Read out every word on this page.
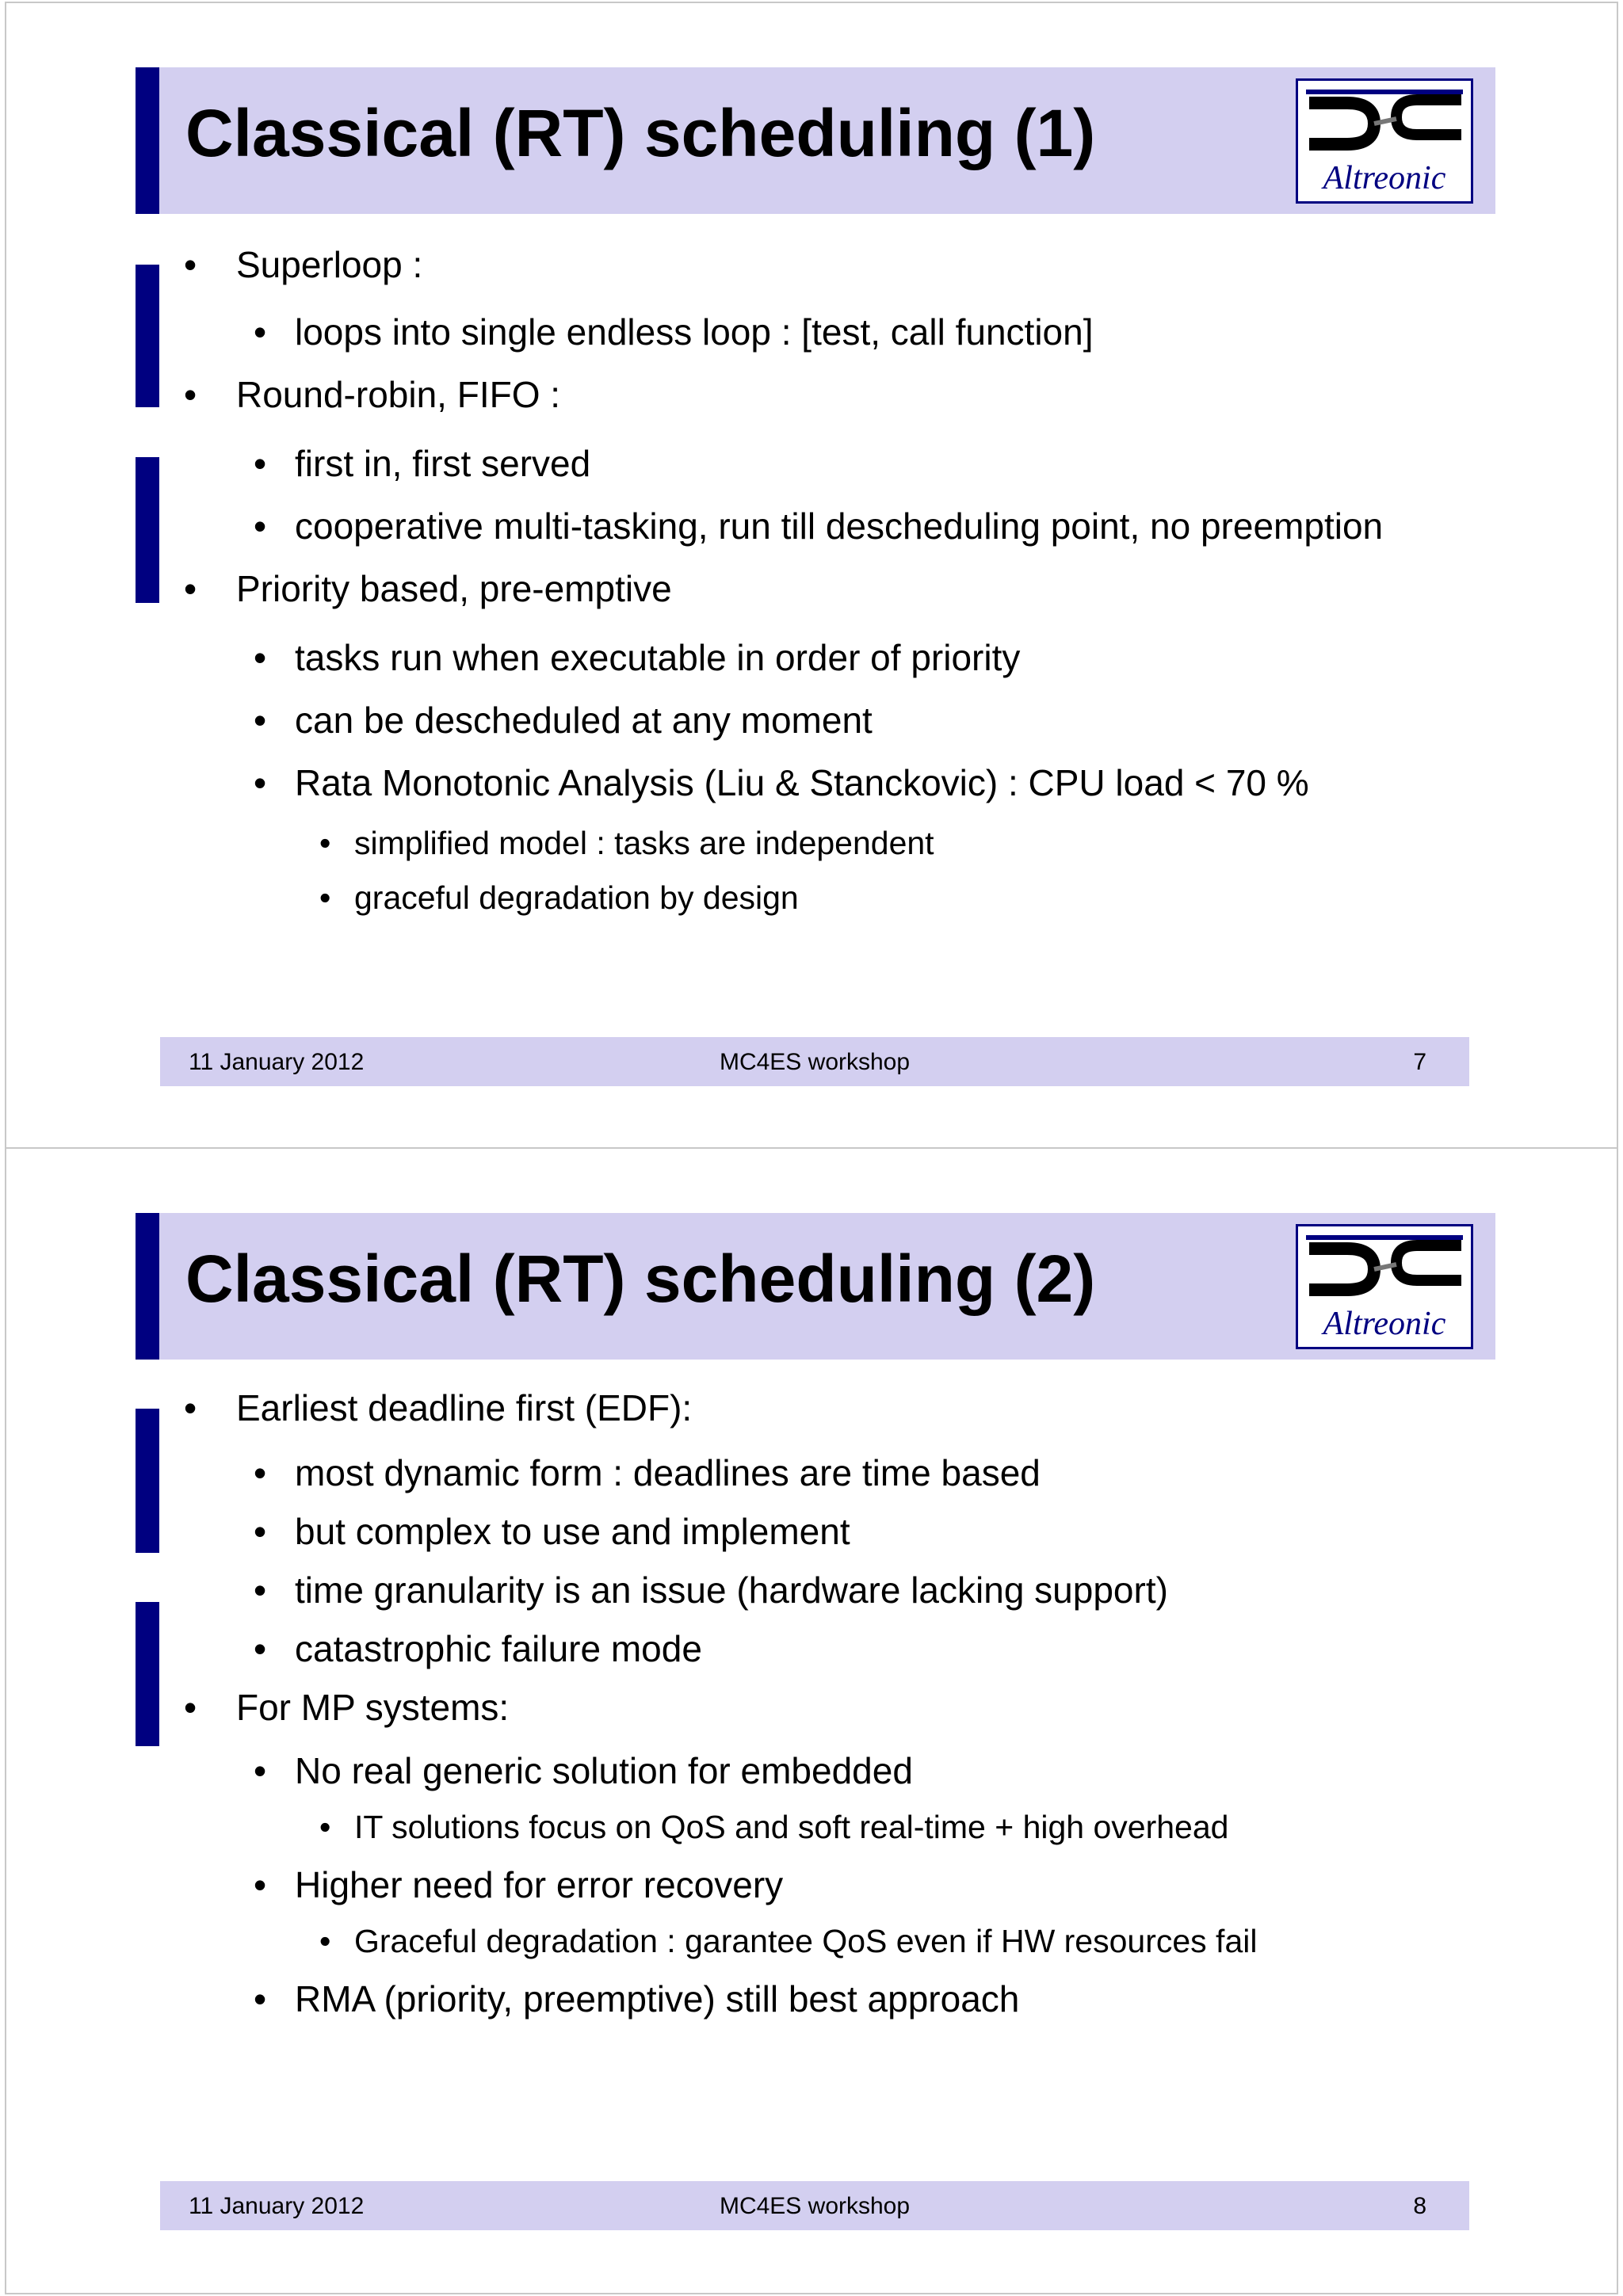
Classical (RT) scheduling (1)
Altreonic
• Superloop :
• loops into single endless loop : [test, call function]
• Round-robin, FIFO :
• first in, first served
• cooperative multi-tasking, run till descheduling point, no preemption
• Priority based, pre-emptive
• tasks run when executable in order of priority
• can be descheduled at any moment
• Rata Monotonic Analysis (Liu & Stanckovic) : CPU load < 70 %
• simplified model : tasks are independent
• graceful degradation by design
11 January 2012	MC4ES workshop	7
Classical (RT) scheduling (2)
Altreonic
• Earliest deadline first (EDF):
• most dynamic form : deadlines are time based
• but complex to use and implement
• time granularity is an issue (hardware lacking support)
• catastrophic failure mode
• For MP systems:
• No real generic solution for embedded
• IT solutions focus on QoS and soft real-time + high overhead
• Higher need for error recovery
• Graceful degradation : garantee QoS even if HW resources fail
• RMA (priority, preemptive) still best approach
11 January 2012	MC4ES workshop	8
